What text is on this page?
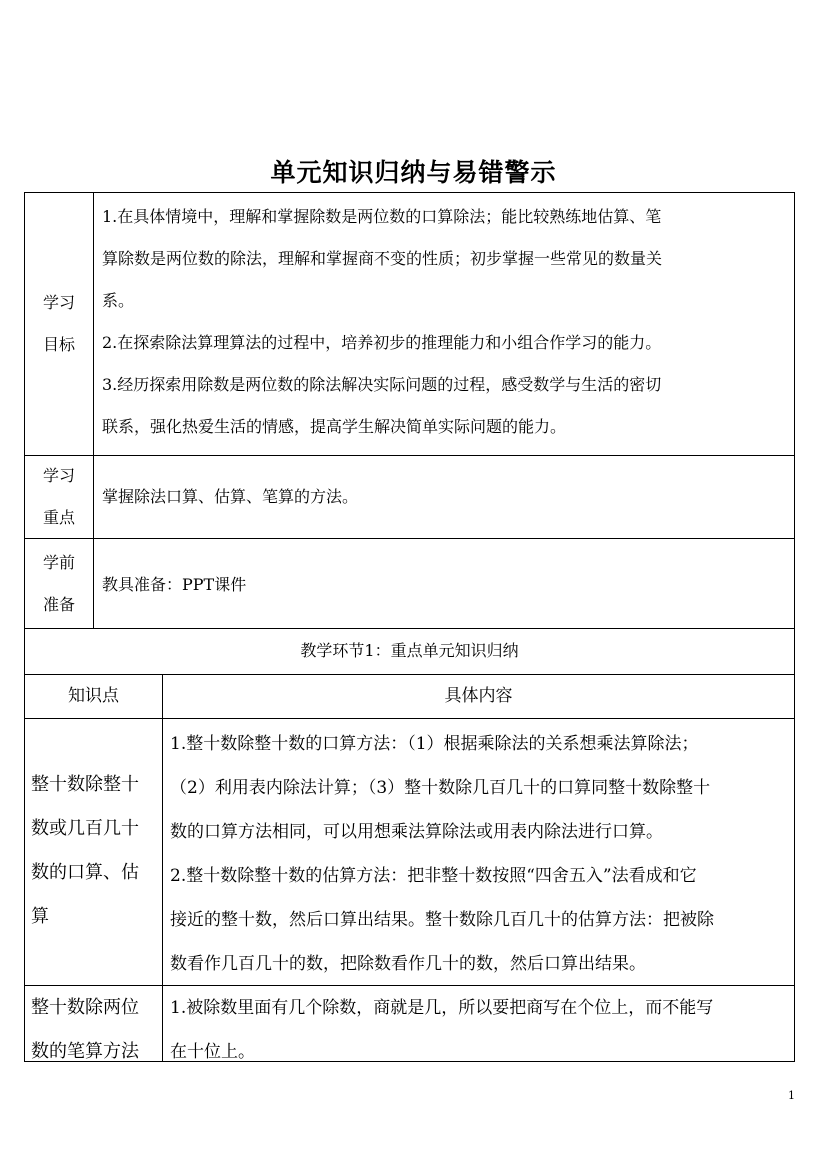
单元知识归纳与易错警示
学习
目标

1.在具体情境中，理解和掌握除数是两位数的口算除法；能比较熟练地估算、笔

算除数是两位数的除法，理解和掌握商不变的性质；初步掌握一些常见的数量关

系。

2.在探索除法算理算法的过程中，培养初步的推理能力和小组合作学习的能力。

3.经历探索用除数是两位数的除法解决实际问题的过程，感受数学与生活的密切

联系，强化热爱生活的情感，提高学生解决简单实际问题的能力。

学习
重点
掌握除法口算、估算、笔算的方法。
学前
准备
教具准备：PPT课件
教学环节1：重点单元知识归纳
知识点	具体内容

整十数除整十

数或几百几十

数的口算、估

算

1.整十数除整十数的口算方法：（1）根据乘除法的关系想乘法算除法；

（2）利用表内除法计算；（3）整十数除几百几十的口算同整十数除整十

数的口算方法相同，可以用想乘法算除法或用表内除法进行口算。

2.整十数除整十数的估算方法：把非整十数按照“四舍五入”法看成和它

接近的整十数，然后口算出结果。整十数除几百几十的估算方法：把被除

数看作几百几十的数，把除数看作几十的数，然后口算出结果。

整十数除两位

数的笔算方法

1.被除数里面有几个除数，商就是几，所以要把商写在个位上，而不能写

在十位上。

1
